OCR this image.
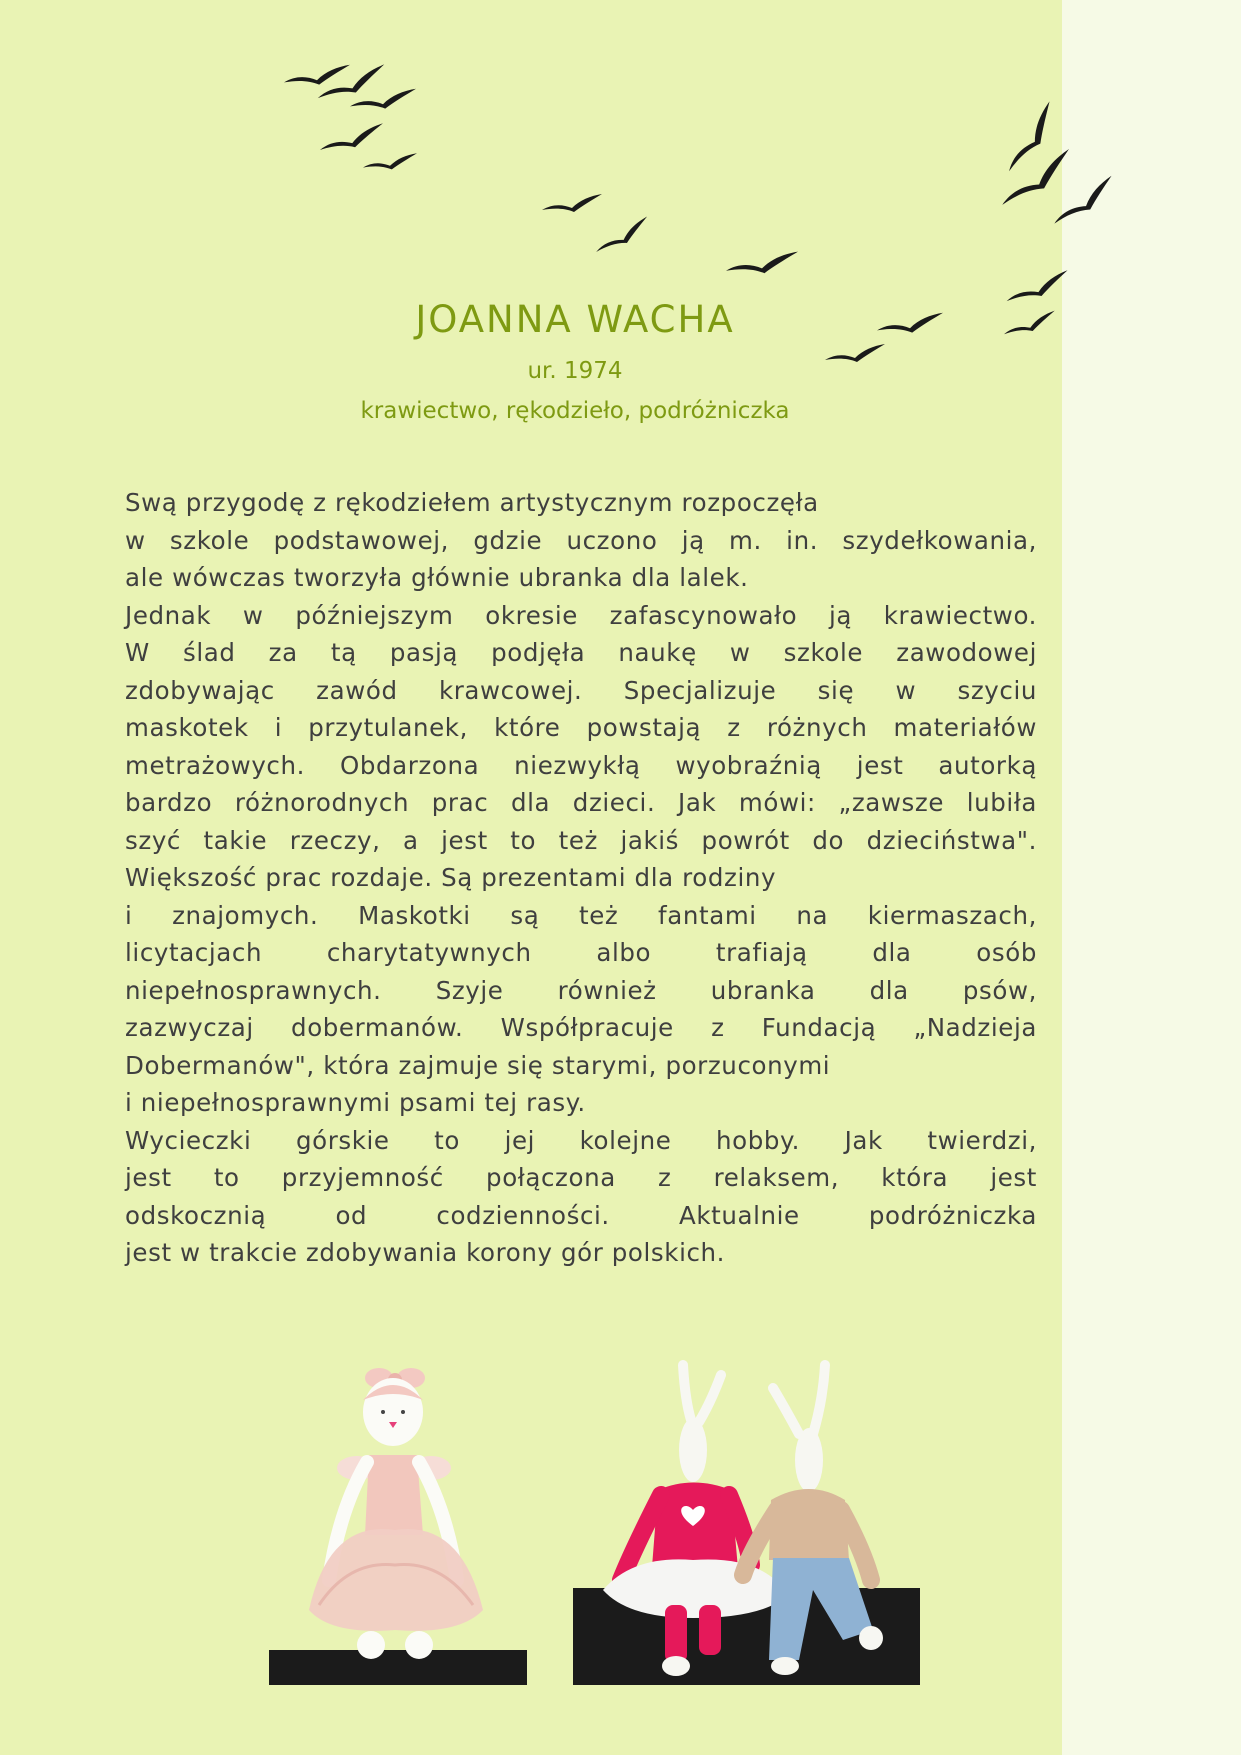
JOANNA WACHA
ur. 1974
krawiectwo, rękodzieło, podróżniczka

Swą przygodę z rękodziełem artystycznym rozpoczęła

w szkole podstawowej, gdzie uczono ją m. in. szydełkowania,

ale wówczas tworzyła głównie ubranka dla lalek.

Jednak w późniejszym okresie zafascynowało ją krawiectwo.

W ślad za tą pasją podjęła naukę w szkole zawodowej

zdobywając zawód krawcowej. Specjalizuje się w szyciu

maskotek i przytulanek, które powstają z różnych materiałów

metrażowych. Obdarzona niezwykłą wyobraźnią jest autorką

bardzo różnorodnych prac dla dzieci. Jak mówi: „zawsze lubiła

szyć takie rzeczy, a jest to też jakiś powrót do dzieciństwa".

Większość prac rozdaje. Są prezentami dla rodziny

i znajomych. Maskotki są też fantami na kiermaszach,

licytacjach charytatywnych albo trafiają dla osób

niepełnosprawnych. Szyje również ubranka dla psów,

zazwyczaj dobermanów. Współpracuje z Fundacją „Nadzieja

Dobermanów", która zajmuje się starymi, porzuconymi

i niepełnosprawnymi psami tej rasy.

Wycieczki górskie to jej kolejne hobby. Jak twierdzi,

jest to przyjemność połączona z relaksem, która jest

odskocznią od codzienności. Aktualnie podróżniczka

jest w trakcie zdobywania korony gór polskich.
